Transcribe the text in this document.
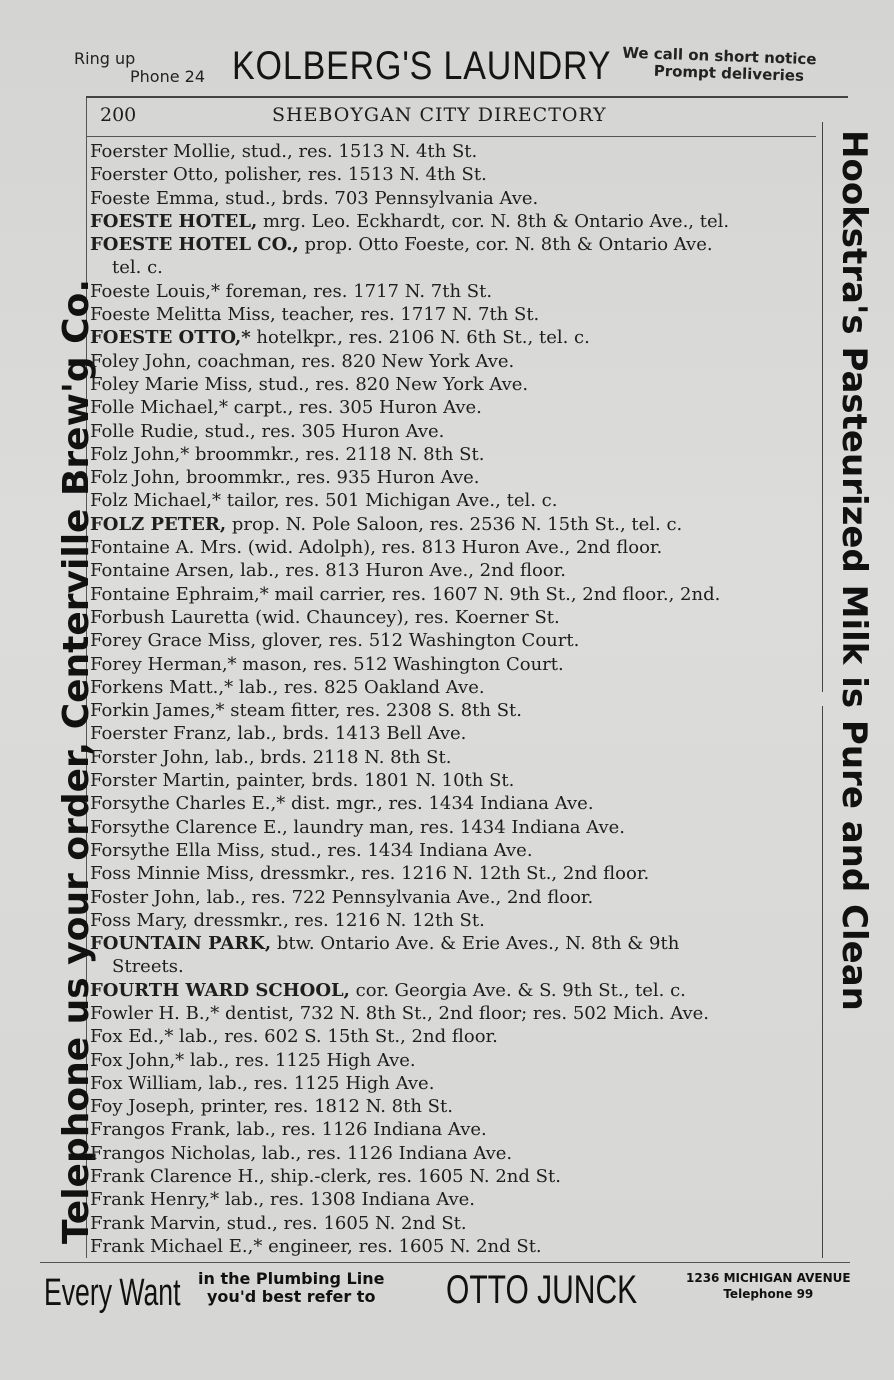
Ring up
Phone 24 KOLBERG'S LAUNDRY We call on short notice
Prompt deliveries
200	SHEBOYGAN CITY DIRECTORY
Telephone us your order, Centerville Brew'g Co.	Hookstra's Pasteurized Milk is Pure and Clean
Foerster Mollie, stud., res. 1513 N. 4th St.
Foerster Otto, polisher, res. 1513 N. 4th St.
Foeste Emma, stud., brds. 703 Pennsylvania Ave.
FOESTE HOTEL, mrg. Leo. Eckhardt, cor. N. 8th & Ontario Ave., tel.
FOESTE HOTEL CO., prop. Otto Foeste, cor. N. 8th & Ontario Ave.
tel. c.
Foeste Louis,* foreman, res. 1717 N. 7th St.
Foeste Melitta Miss, teacher, res. 1717 N. 7th St.
FOESTE OTTO,* hotelkpr., res. 2106 N. 6th St., tel. c.
Foley John, coachman, res. 820 New York Ave.
Foley Marie Miss, stud., res. 820 New York Ave.
Folle Michael,* carpt., res. 305 Huron Ave.
Folle Rudie, stud., res. 305 Huron Ave.
Folz John,* broommkr., res. 2118 N. 8th St.
Folz John, broommkr., res. 935 Huron Ave.
Folz Michael,* tailor, res. 501 Michigan Ave., tel. c.
FOLZ PETER, prop. N. Pole Saloon, res. 2536 N. 15th St., tel. c.
Fontaine A. Mrs. (wid. Adolph), res. 813 Huron Ave., 2nd floor.
Fontaine Arsen, lab., res. 813 Huron Ave., 2nd floor.
Fontaine Ephraim,* mail carrier, res. 1607 N. 9th St., 2nd floor., 2nd.
Forbush Lauretta (wid. Chauncey), res. Koerner St.
Forey Grace Miss, glover, res. 512 Washington Court.
Forey Herman,* mason, res. 512 Washington Court.
Forkens Matt.,* lab., res. 825 Oakland Ave.
Forkin James,* steam fitter, res. 2308 S. 8th St.
Foerster Franz, lab., brds. 1413 Bell Ave.
Forster John, lab., brds. 2118 N. 8th St.
Forster Martin, painter, brds. 1801 N. 10th St.
Forsythe Charles E.,* dist. mgr., res. 1434 Indiana Ave.
Forsythe Clarence E., laundry man, res. 1434 Indiana Ave.
Forsythe Ella Miss, stud., res. 1434 Indiana Ave.
Foss Minnie Miss, dressmkr., res. 1216 N. 12th St., 2nd floor.
Foster John, lab., res. 722 Pennsylvania Ave., 2nd floor.
Foss Mary, dressmkr., res. 1216 N. 12th St.
FOUNTAIN PARK, btw. Ontario Ave. & Erie Aves., N. 8th & 9th
Streets.
FOURTH WARD SCHOOL, cor. Georgia Ave. & S. 9th St., tel. c.
Fowler H. B.,* dentist, 732 N. 8th St., 2nd floor; res. 502 Mich. Ave.
Fox Ed.,* lab., res. 602 S. 15th St., 2nd floor.
Fox John,* lab., res. 1125 High Ave.
Fox William, lab., res. 1125 High Ave.
Foy Joseph, printer, res. 1812 N. 8th St.
Frangos Frank, lab., res. 1126 Indiana Ave.
Frangos Nicholas, lab., res. 1126 Indiana Ave.
Frank Clarence H., ship.-clerk, res. 1605 N. 2nd St.
Frank Henry,* lab., res. 1308 Indiana Ave.
Frank Marvin, stud., res. 1605 N. 2nd St.
Frank Michael E.,* engineer, res. 1605 N. 2nd St.
Every Want in the Plumbing Line
you'd best refer to OTTO JUNCK	1236 MICHIGAN AVENUE
Telephone 99
